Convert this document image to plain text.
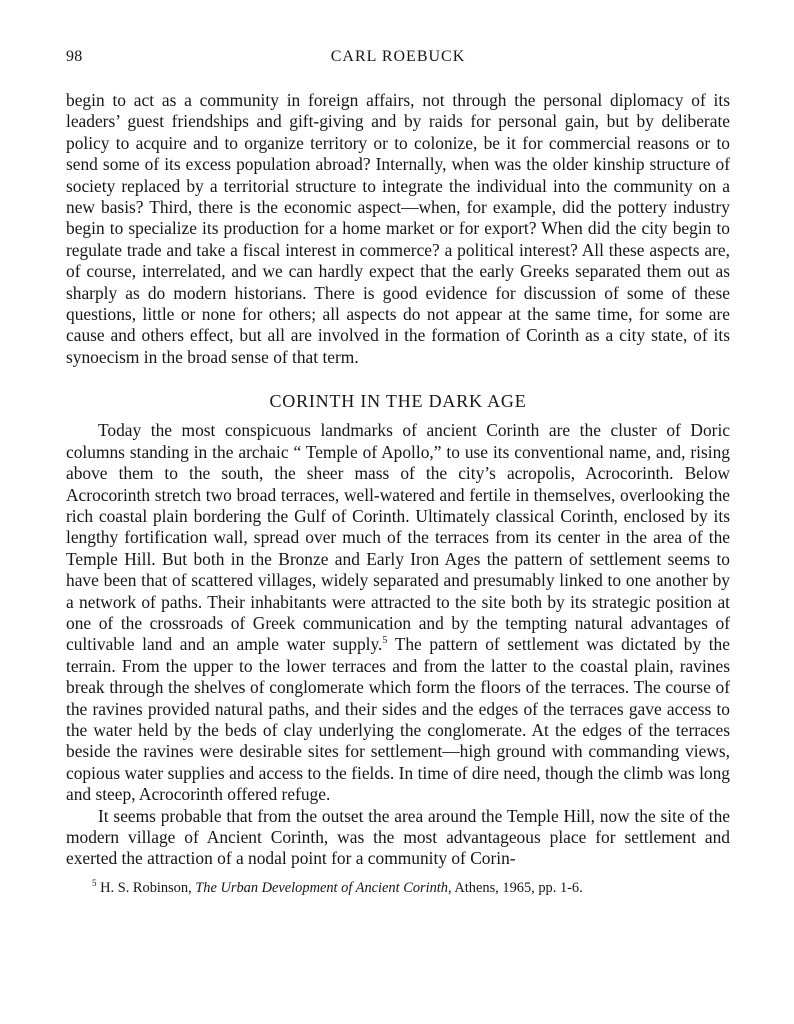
98	CARL ROEBUCK

begin to act as a community in foreign affairs, not through the personal diplomacy of its leaders’ guest friendships and gift-giving and by raids for personal gain, but by deliberate policy to acquire and to organize territory or to colonize, be it for commercial reasons or to send some of its excess population abroad? Internally, when was the older kinship structure of society replaced by a territorial structure to integrate the individual into the community on a new basis? Third, there is the economic aspect—when, for example, did the pottery industry begin to specialize its production for a home market or for export? When did the city begin to regulate trade and take a fiscal interest in commerce? a political interest? All these aspects are, of course, interrelated, and we can hardly expect that the early Greeks separated them out as sharply as do modern historians. There is good evidence for discussion of some of these questions, little or none for others; all aspects do not appear at the same time, for some are cause and others effect, but all are involved in the formation of Corinth as a city state, of its synoecism in the broad sense of that term.

CORINTH IN THE DARK AGE

Today the most conspicuous landmarks of ancient Corinth are the cluster of Doric columns standing in the archaic “ Temple of Apollo,” to use its conventional name, and, rising above them to the south, the sheer mass of the city’s acropolis, Acrocorinth. Below Acrocorinth stretch two broad terraces, well-watered and fertile in themselves, overlooking the rich coastal plain bordering the Gulf of Corinth. Ultimately classical Corinth, enclosed by its lengthy fortification wall, spread over much of the terraces from its center in the area of the Temple Hill. But both in the Bronze and Early Iron Ages the pattern of settlement seems to have been that of scattered villages, widely separated and presumably linked to one another by a network of paths. Their inhabitants were attracted to the site both by its strategic position at one of the crossroads of Greek communication and by the tempting natural advantages of cultivable land and an ample water supply.$^5$ The pattern of settlement was dictated by the terrain. From the upper to the lower terraces and from the latter to the coastal plain, ravines break through the shelves of conglomerate which form the floors of the terraces. The course of the ravines provided natural paths, and their sides and the edges of the terraces gave access to the water held by the beds of clay underlying the conglomerate. At the edges of the terraces beside the ravines were desirable sites for settlement—high ground with commanding views, copious water supplies and access to the fields. In time of dire need, though the climb was long and steep, Acrocorinth offered refuge.

It seems probable that from the outset the area around the Temple Hill, now the site of the modern village of Ancient Corinth, was the most advantageous place for settlement and exerted the attraction of a nodal point for a community of Corin-

$^5$ H. S. Robinson, The Urban Development of Ancient Corinth, Athens, 1965, pp. 1-6.
